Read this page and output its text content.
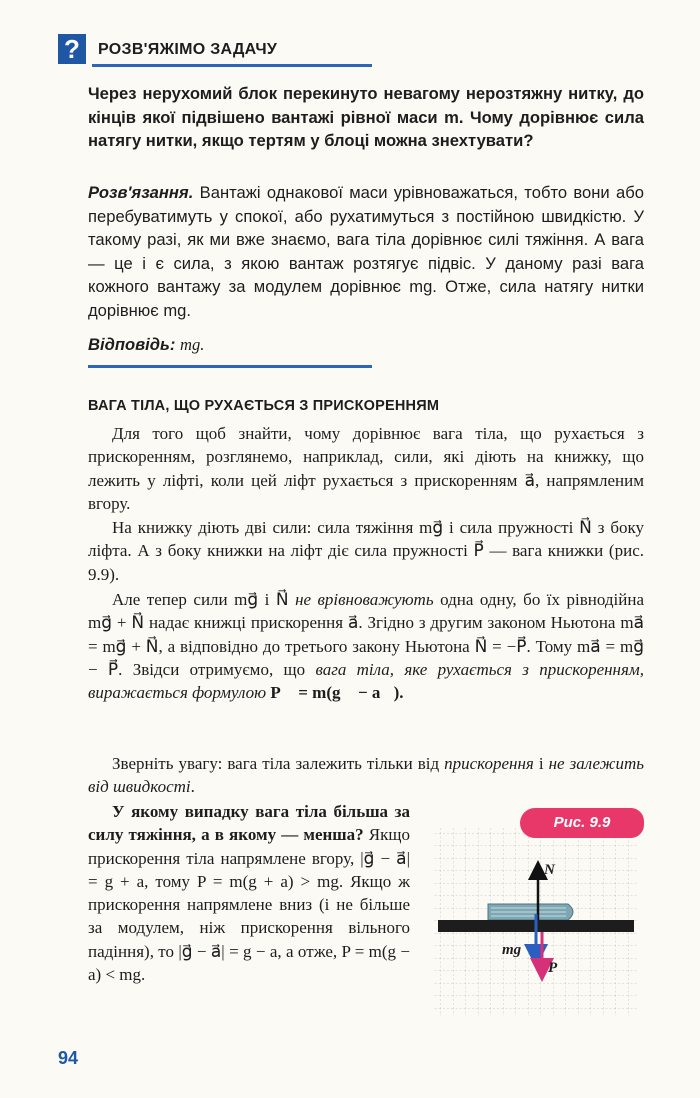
?	РОЗВ'ЯЖІМО ЗАДАЧУ
Через нерухомий блок перекинуто невагому нерозтяжну нитку, до кінців якої підвішено вантажі рівної маси m. Чому дорівнює сила натягу нитки, якщо тертям у блоці можна знехтувати?
Розв'язання. Вантажі однакової маси урівноважаться, тобто вони або перебуватимуть у спокої, або рухатимуться з постійною швидкістю. У такому разі, як ми вже знаємо, вага тіла дорівнює силі тяжіння. А вага — це і є сила, з якою вантаж розтягує підвіс. У даному разі вага кожного вантажу за модулем дорівнює mg. Отже, сила натягу нитки дорівнює mg.
Відповідь: mg.
ВАГА ТІЛА, ЩО РУХАЄТЬСЯ З ПРИСКОРЕННЯМ
Для того щоб знайти, чому дорівнює вага тіла, що рухається з прискоренням, розглянемо, наприклад, сили, які діють на книжку, що лежить у ліфті, коли цей ліфт рухається з прискоренням a⃗, напрямленим вгору.
На книжку діють дві сили: сила тяжіння mg⃗ і сила пружності N⃗ з боку ліфта. А з боку книжки на ліфт діє сила пружності P⃗ — вага книжки (рис. 9.9).
Але тепер сили mg⃗ і N⃗ не врівноважують одна одну, бо їх рівнодійна mg⃗ + N⃗ надає книжці прискорення a⃗. Згідно з другим законом Ньютона ma⃗ = mg⃗ + N⃗, а відповідно до третього закону Ньютона N⃗ = −P⃗. Тому ma⃗ = mg⃗ − P⃗. Звідси отримуємо, що вага тіла, яке рухається з прискоренням, виражається формулою P⃗ = m(g⃗ − a⃗).
Зверніть увагу: вага тіла залежить тільки від прискорення і не залежить від швидкості.
У якому випадку вага тіла більша за силу тяжіння, а в якому — менша? Якщо прискорення тіла напрямлене вгору, |g⃗ − a⃗| = g + a, тому P = m(g + a) > mg. Якщо ж прискорення напрямлене вниз (і не більше за модулем, ніж прискорення вільного падіння), то |g⃗ − a⃗| = g − a, а отже, P = m(g − a) < mg.
Рис. 9.9
N⃗
mg⃗
P⃗
94
